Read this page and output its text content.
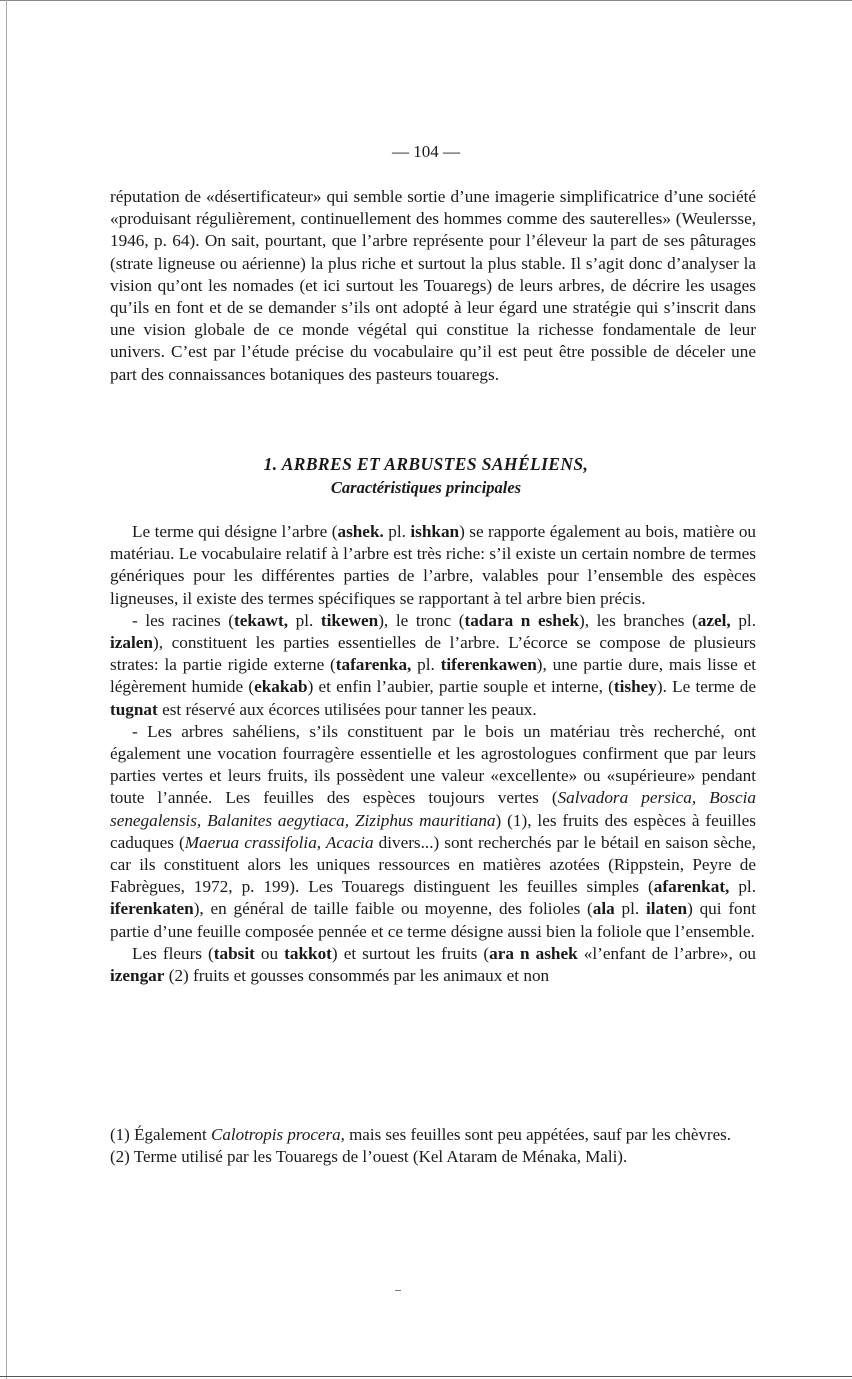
— 104 —

réputation de «désertificateur» qui semble sortie d’une imagerie simplificatrice d’une société «produisant régulièrement, continuellement des hommes comme des sauterelles» (Weulersse, 1946, p. 64). On sait, pourtant, que l’arbre représente pour l’éleveur la part de ses pâturages (strate ligneuse ou aérienne) la plus riche et surtout la plus stable. Il s’agit donc d’analyser la vision qu’ont les nomades (et ici surtout les Touaregs) de leurs arbres, de décrire les usages qu’ils en font et de se demander s’ils ont adopté à leur égard une stratégie qui s’inscrit dans une vision globale de ce monde végétal qui constitue la richesse fondamentale de leur univers. C’est par l’étude précise du vocabulaire qu’il est peut être possible de déceler une part des connaissances botaniques des pasteurs touaregs.

1. ARBRES ET ARBUSTES SAHÉLIENS,
Caractéristiques principales

Le terme qui désigne l’arbre (ashek. pl. ishkan) se rapporte également au bois, matière ou matériau. Le vocabulaire relatif à l’arbre est très riche: s’il existe un certain nombre de termes génériques pour les différentes parties de l’arbre, valables pour l’ensemble des espèces ligneuses, il existe des termes spécifiques se rapportant à tel arbre bien précis.

- les racines (tekawt, pl. tikewen), le tronc (tadara n eshek), les branches (azel, pl. izalen), constituent les parties essentielles de l’arbre. L’écorce se compose de plusieurs strates: la partie rigide externe (tafarenka, pl. tiferenkawen), une partie dure, mais lisse et légèrement humide (ekakab) et enfin l’aubier, partie souple et interne, (tishey). Le terme de tugnat est réservé aux écorces utilisées pour tanner les peaux.

- Les arbres sahéliens, s’ils constituent par le bois un matériau très recherché, ont également une vocation fourragère essentielle et les agrostologues confirment que par leurs parties vertes et leurs fruits, ils possèdent une valeur «excellente» ou «supérieure» pendant toute l’année. Les feuilles des espèces toujours vertes (Salvadora persica, Boscia senegalensis, Balanites aegytiaca, Ziziphus mauritiana) (1), les fruits des espèces à feuilles caduques (Maerua crassifolia, Acacia divers...) sont recherchés par le bétail en saison sèche, car ils constituent alors les uniques ressources en matières azotées (Rippstein, Peyre de Fabrègues, 1972, p. 199). Les Touaregs distinguent les feuilles simples (afarenkat, pl. iferenkaten), en général de taille faible ou moyenne, des folioles (ala pl. ilaten) qui font partie d’une feuille composée pennée et ce terme désigne aussi bien la foliole que l’ensemble.

Les fleurs (tabsit ou takkot) et surtout les fruits (ara n ashek «l’enfant de l’arbre», ou izengar (2) fruits et gousses consommés par les animaux et non

(1) Également Calotropis procera, mais ses feuilles sont peu appétées, sauf par les chèvres.

(2) Terme utilisé par les Touaregs de l’ouest (Kel Ataram de Ménaka, Mali).
